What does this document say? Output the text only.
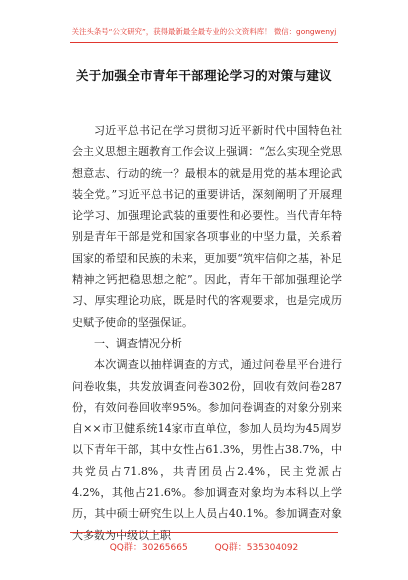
关注头条号“公文研究”，获得最新最全最专业的公文资料库！ 微信：gongwenyj
关于加强全市青年干部理论学习的对策与建议

习近平总书记在学习贯彻习近平新时代中国特色社会主义思想主题教育工作会议上强调：“怎么实现全党思想意志、行动的统一？最根本的就是用党的基本理论武装全党。”习近平总书记的重要讲话，深刻阐明了开展理论学习、加强理论武装的重要性和必要性。当代青年特别是青年干部是党和国家各项事业的中坚力量，关系着国家的希望和民族的未来，更加要“筑牢信仰之基，补足精神之钙把稳思想之舵”。因此，青年干部加强理论学习、厚实理论功底，既是时代的客观要求，也是完成历史赋予使命的坚强保证。

一、调查情况分析

本次调查以抽样调查的方式，通过问卷星平台进行问卷收集，共发放调查问卷302份，回收有效问卷287份，有效问卷回收率95%。参加问卷调查的对象分别来自××市卫健系统14家市直单位，参加人员均为45周岁以下青年干部，其中女性占61.3%，男性占38.7%，中共党员占71.8%，共青团员占2.4%，民主党派占4.2%，其他占21.6%。参加调查对象均为本科以上学历，其中硕士研究生以上人员占40.1%。参加调查对象大多数为中级以上职

QQ群：30265665	QQ群：535304092
